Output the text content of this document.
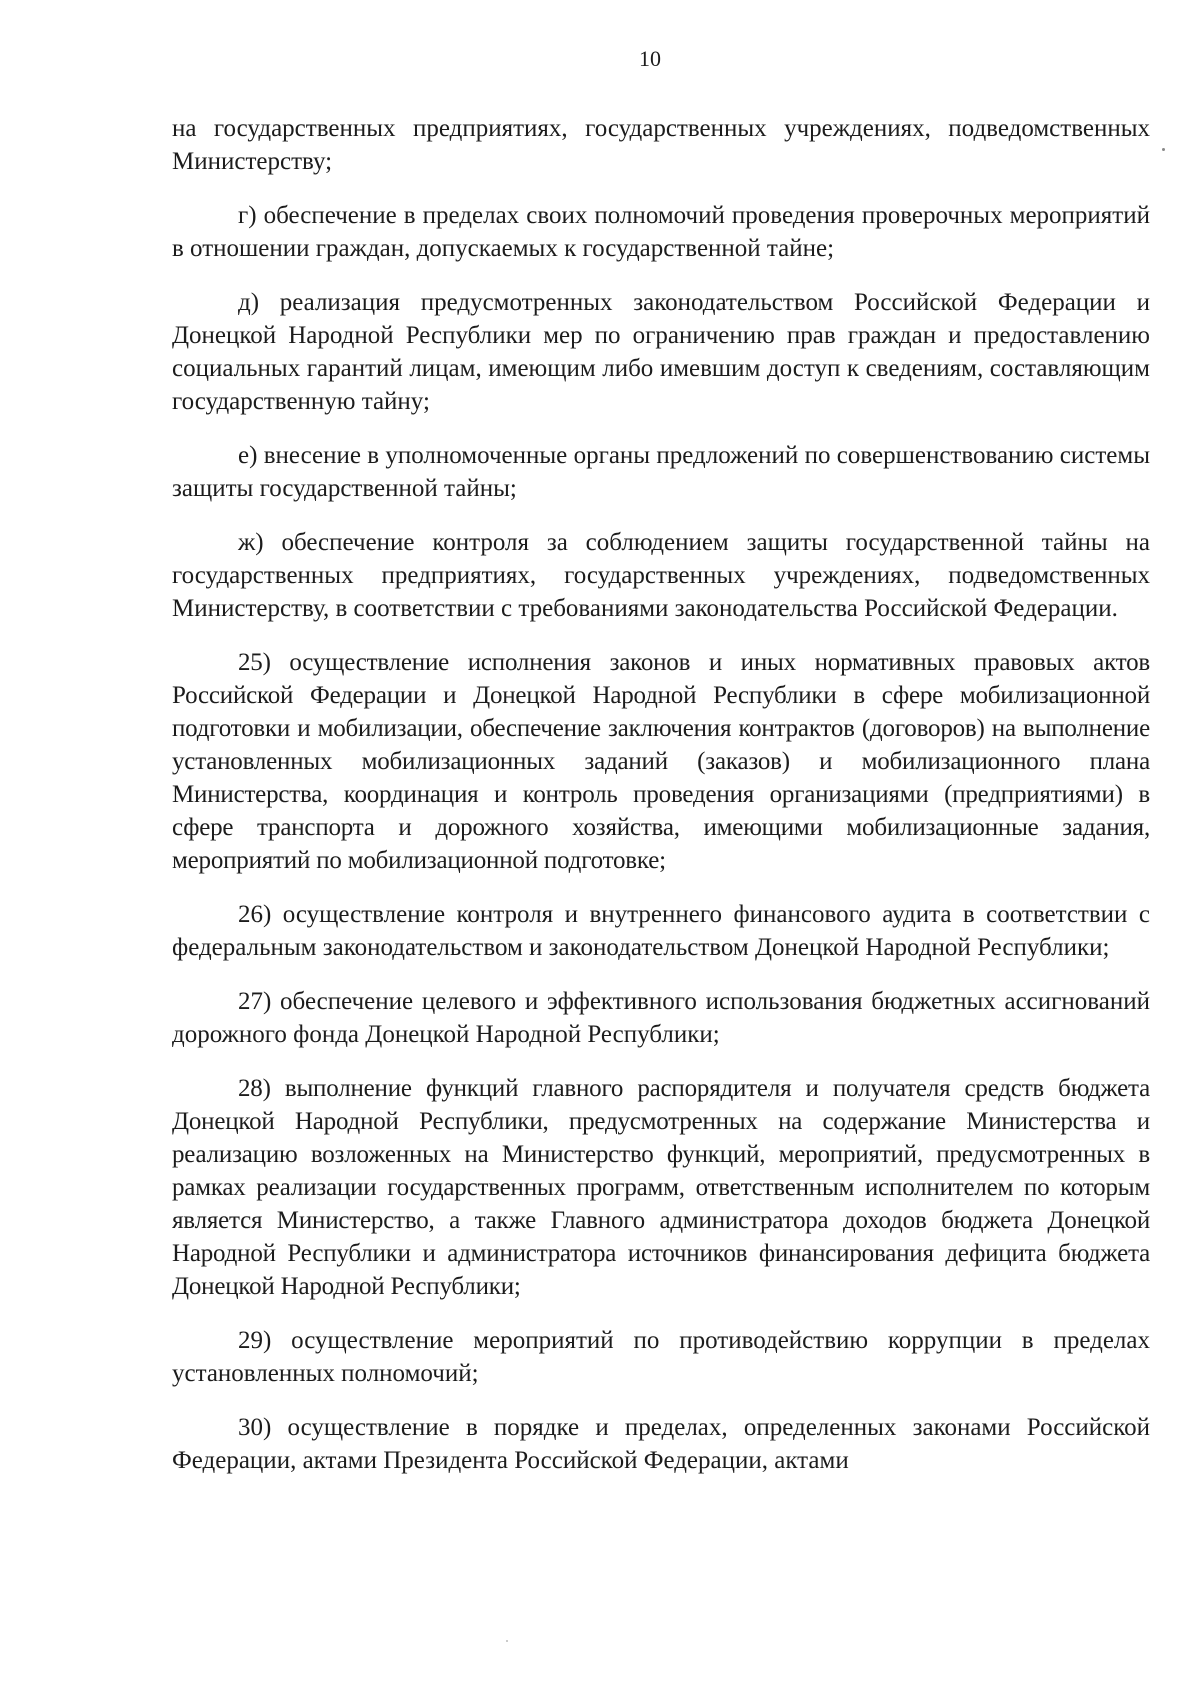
10

на государственных предприятиях, государственных учреждениях, подведомственных Министерству;

г) обеспечение в пределах своих полномочий проведения проверочных мероприятий в отношении граждан, допускаемых к государственной тайне;

д) реализация предусмотренных законодательством Российской Федерации и Донецкой Народной Республики мер по ограничению прав граждан и предоставлению социальных гарантий лицам, имеющим либо имевшим доступ к сведениям, составляющим государственную тайну;

е) внесение в уполномоченные органы предложений по совершенствованию системы защиты государственной тайны;

ж) обеспечение контроля за соблюдением защиты государственной тайны на государственных предприятиях, государственных учреждениях, подведомственных Министерству, в соответствии с требованиями законодательства Российской Федерации.

25) осуществление исполнения законов и иных нормативных правовых актов Российской Федерации и Донецкой Народной Республики в сфере мобилизационной подготовки и мобилизации, обеспечение заключения контрактов (договоров) на выполнение установленных мобилизационных заданий (заказов) и мобилизационного плана Министерства, координация и контроль проведения организациями (предприятиями) в сфере транспорта и дорожного хозяйства, имеющими мобилизационные задания, мероприятий по мобилизационной подготовке;

26) осуществление контроля и внутреннего финансового аудита в соответствии с федеральным законодательством и законодательством Донецкой Народной Республики;

27) обеспечение целевого и эффективного использования бюджетных ассигнований дорожного фонда Донецкой Народной Республики;

28) выполнение функций главного распорядителя и получателя средств бюджета Донецкой Народной Республики, предусмотренных на содержание Министерства и реализацию возложенных на Министерство функций, мероприятий, предусмотренных в рамках реализации государственных программ, ответственным исполнителем по которым является Министерство, а также Главного администратора доходов бюджета Донецкой Народной Республики и администратора источников финансирования дефицита бюджета Донецкой Народной Республики;

29) осуществление мероприятий по противодействию коррупции в пределах установленных полномочий;

30) осуществление в порядке и пределах, определенных законами Российской Федерации, актами Президента Российской Федерации, актами
